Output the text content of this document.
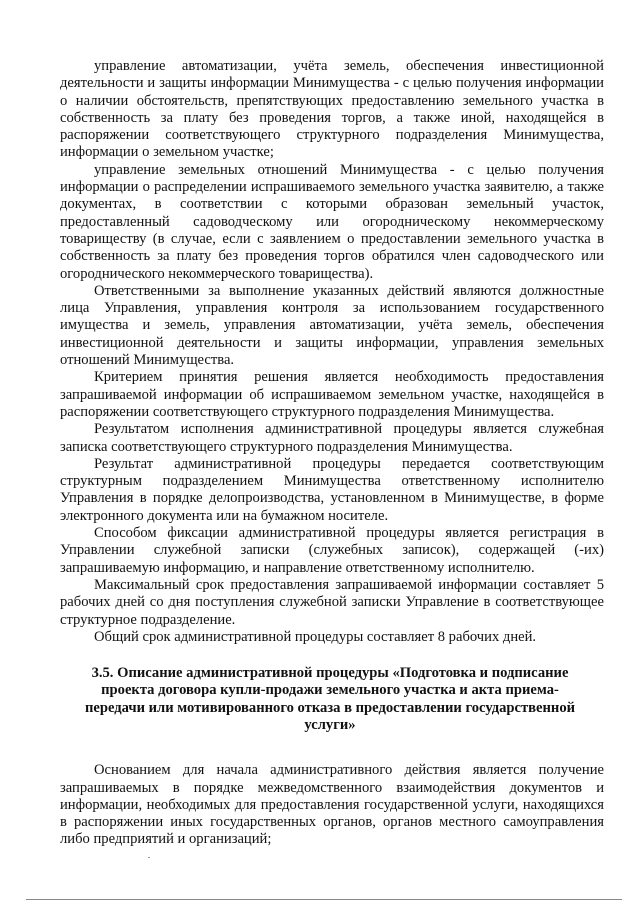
управление автоматизации, учёта земель, обеспечения инвестиционной деятельности и защиты информации Минимущества - с целью получения информации о наличии обстоятельств, препятствующих предоставлению земельного участка в собственность за плату без проведения торгов, а также иной, находящейся в распоряжении соответствующего структурного подразделения Минимущества, информации о земельном участке;

управление земельных отношений Минимущества - с целью получения информации о распределении испрашиваемого земельного участка заявителю, а также документах, в соответствии с которыми образован земельный участок, предоставленный садоводческому или огородническому некоммерческому товариществу (в случае, если с заявлением о предоставлении земельного участка в собственность за плату без проведения торгов обратился член садоводческого или огороднического некоммерческого товарищества).

Ответственными за выполнение указанных действий являются должностные лица Управления, управления контроля за использованием государственного имущества и земель, управления автоматизации, учёта земель, обеспечения инвестиционной деятельности и защиты информации, управления земельных отношений Минимущества.

Критерием принятия решения является необходимость предоставления запрашиваемой информации об испрашиваемом земельном участке, находящейся в распоряжении соответствующего структурного подразделения Минимущества.

Результатом исполнения административной процедуры является служебная записка соответствующего структурного подразделения Минимущества.

Результат административной процедуры передается соответствующим структурным подразделением Минимущества ответственному исполнителю Управления в порядке делопроизводства, установленном в Минимуществе, в форме электронного документа или на бумажном носителе.

Способом фиксации административной процедуры является регистрация в Управлении служебной записки (служебных записок), содержащей (-их) запрашиваемую информацию, и направление ответственному исполнителю.

Максимальный срок предоставления запрашиваемой информации составляет 5 рабочих дней со дня поступления служебной записки Управление в соответствующее структурное подразделение.

Общий срок административной процедуры составляет 8 рабочих дней.

3.5. Описание административной процедуры «Подготовка и подписание проекта договора купли-продажи земельного участка и акта приема-передачи или мотивированного отказа в предоставлении государственной услуги»

Основанием для начала административного действия является получение запрашиваемых в порядке межведомственного взаимодействия документов и информации, необходимых для предоставления государственной услуги, находящихся в распоряжении иных государственных органов, органов местного самоуправления либо предприятий и организаций;
